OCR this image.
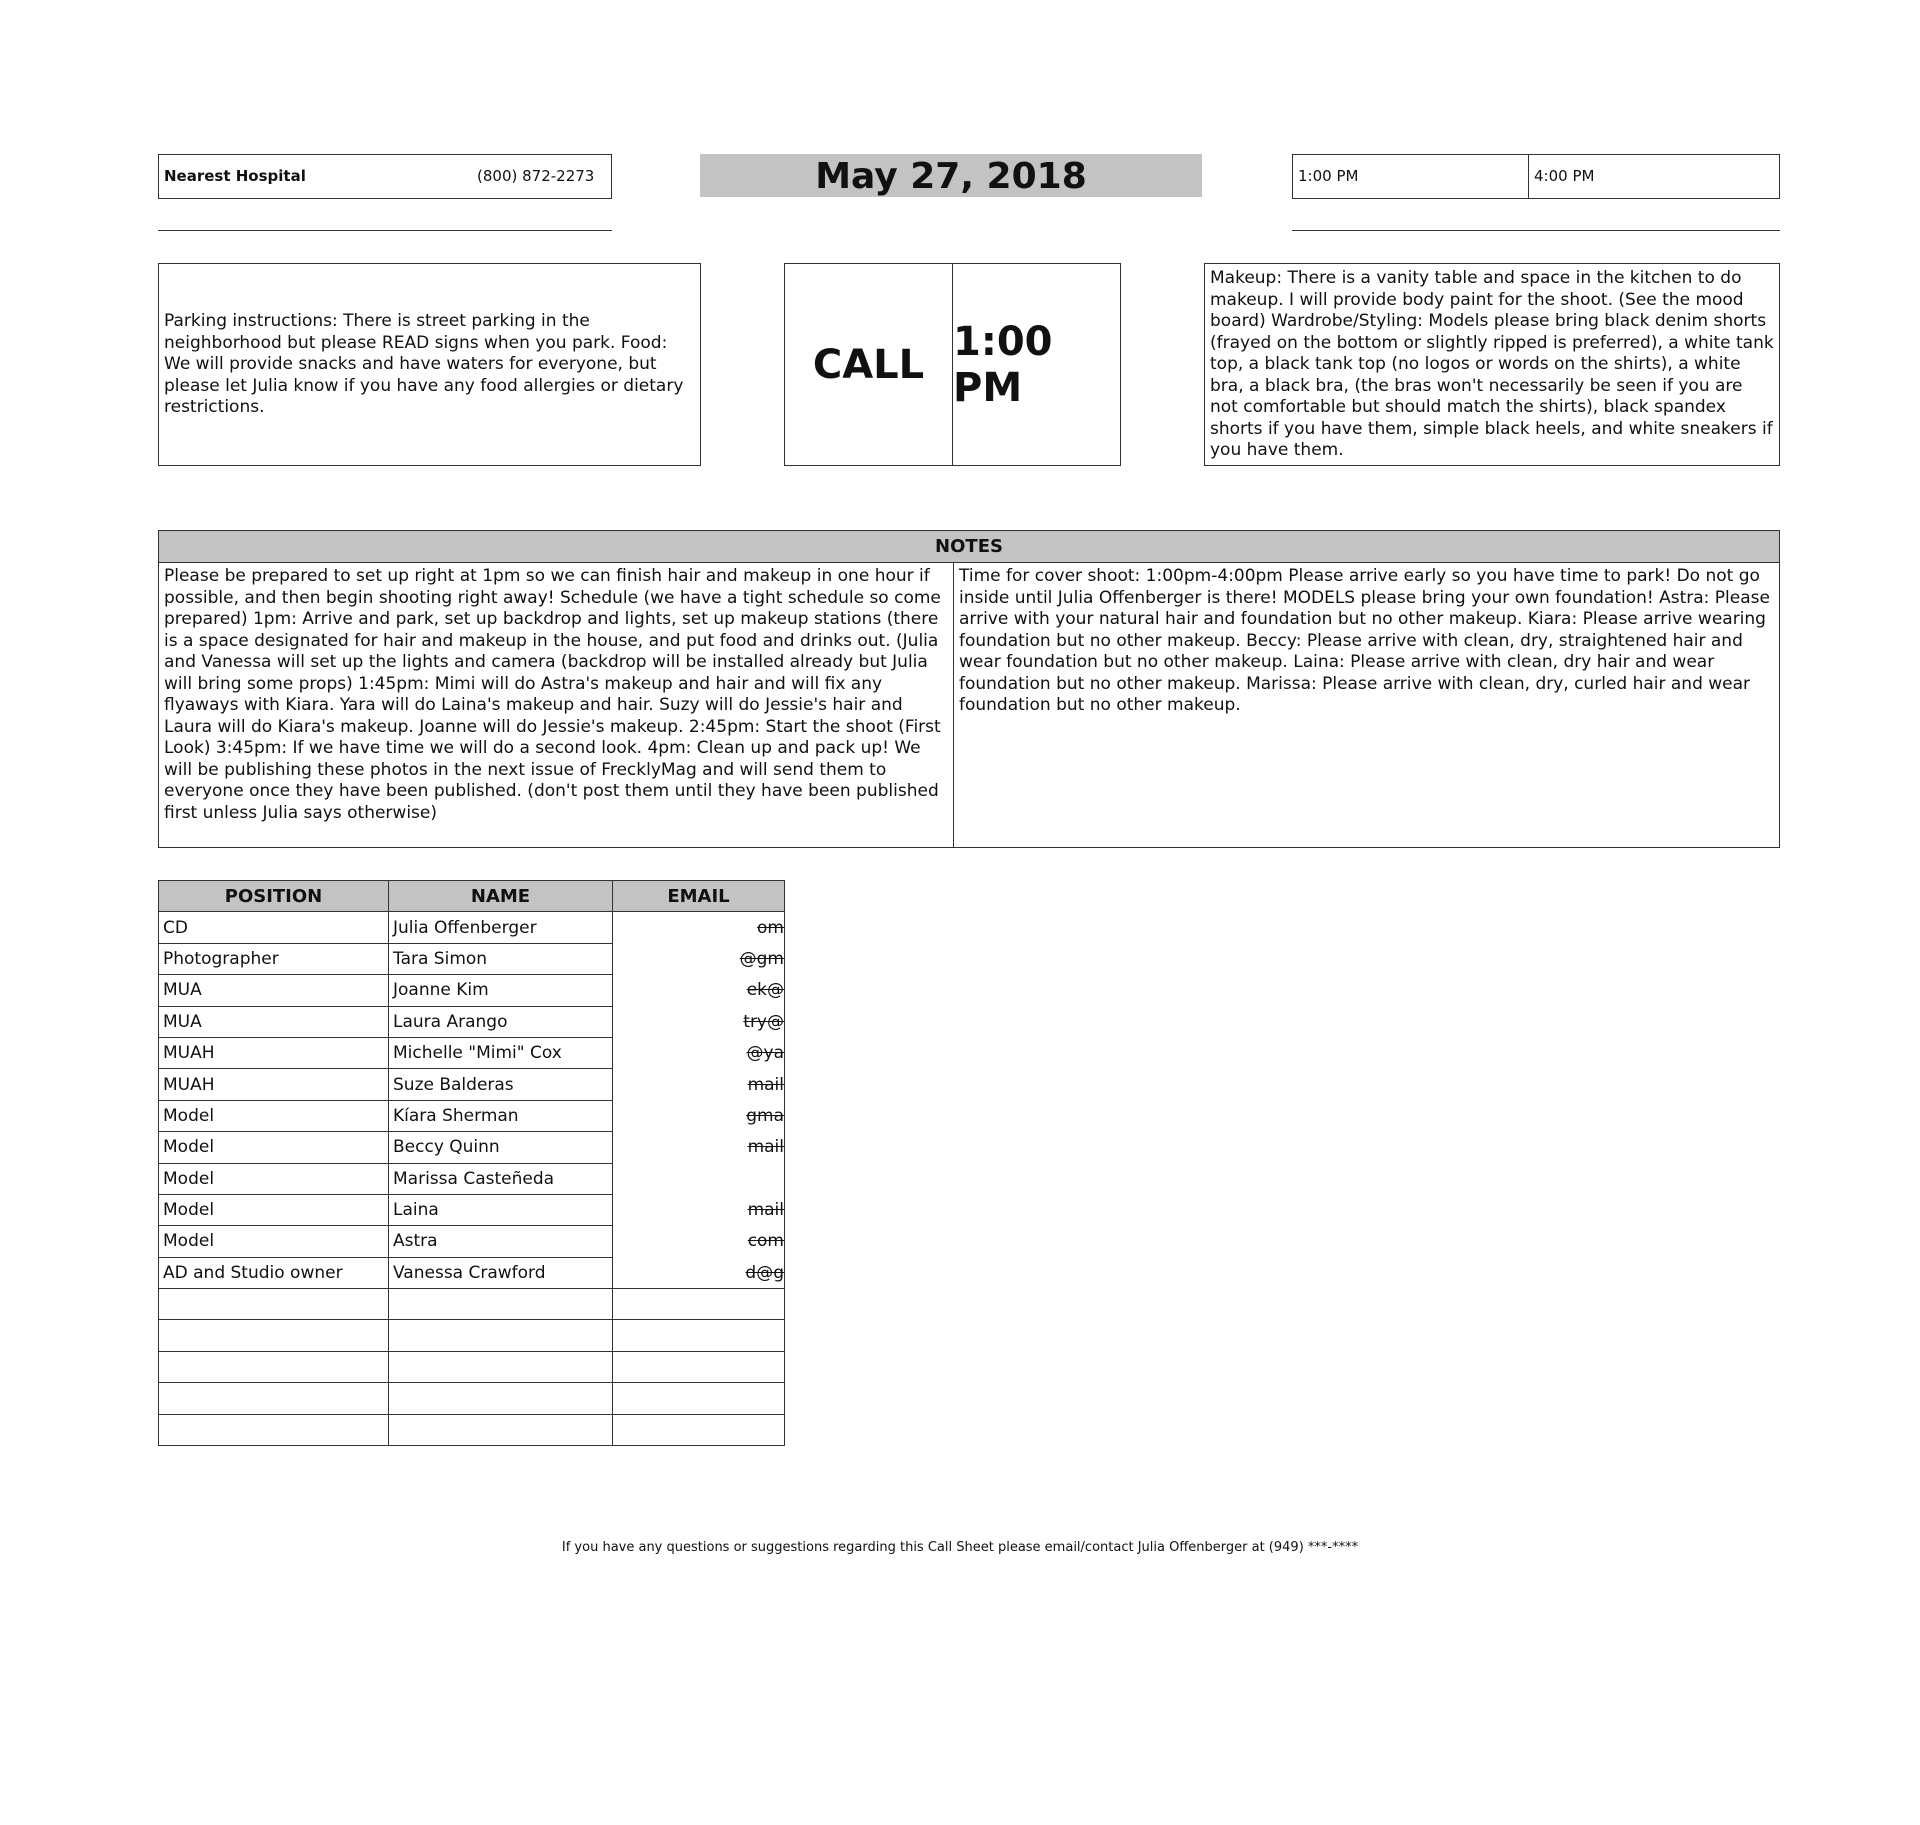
Nearest Hospital	(800) 872-2273	May 27, 2018	1:00 PM	4:00 PM
Parking instructions: There is street parking in the neighborhood but please READ signs when you park. Food: We will provide snacks and have waters for everyone, but please let Julia know if you have any food allergies or dietary restrictions.
CALL 1:00 PM
Makeup: There is a vanity table and space in the kitchen to do makeup. I will provide body paint for the shoot. (See the mood board) Wardrobe/Styling: Models please bring black denim shorts (frayed on the bottom or slightly ripped is preferred), a white tank top, a black tank top (no logos or words on the shirts), a white bra, a black bra, (the bras won't necessarily be seen if you are not comfortable but should match the shirts), black spandex shorts if you have them, simple black heels, and white sneakers if you have them.
NOTES
Please be prepared to set up right at 1pm so we can finish hair and makeup in one hour if possible, and then begin shooting right away! Schedule (we have a tight schedule so come prepared) 1pm: Arrive and park, set up backdrop and lights, set up makeup stations (there is a space designated for hair and makeup in the house, and put food and drinks out. (Julia and Vanessa will set up the lights and camera (backdrop will be installed already but Julia will bring some props) 1:45pm: Mimi will do Astra's makeup and hair and will fix any flyaways with Kiara. Yara will do Laina's makeup and hair. Suzy will do Jessie's hair and Laura will do Kiara's makeup. Joanne will do Jessie's makeup. 2:45pm: Start the shoot (First Look) 3:45pm: If we have time we will do a second look. 4pm: Clean up and pack up! We will be publishing these photos in the next issue of FrecklyMag and will send them to everyone once they have been published. (don't post them until they have been published first unless Julia says otherwise)
Time for cover shoot: 1:00pm-4:00pm Please arrive early so you have time to park! Do not go inside until Julia Offenberger is there! MODELS please bring your own foundation! Astra: Please arrive with your natural hair and foundation but no other makeup. Kiara: Please arrive wearing foundation but no other makeup. Beccy: Please arrive with clean, dry, straightened hair and wear foundation but no other makeup. Laina: Please arrive with clean, dry hair and wear foundation but no other makeup. Marissa: Please arrive with clean, dry, curled hair and wear foundation but no other makeup.
POSITION	NAME	EMAIL
CD	Julia Offenberger	om
Photographer	Tara Simon	@gm
MUA	Joanne Kim	ek@
MUA	Laura Arango	try@
MUAH	Michelle "Mimi" Cox	@ya
MUAH	Suze Balderas	mail
Model	Kíara Sherman	gma
Model	Beccy Quinn	mail
Model	Marissa Casteñeda	
Model	Laina	mail
Model	Astra	com
AD and Studio owner	Vanessa Crawford	d@g

If you have any questions or suggestions regarding this Call Sheet please email/contact Julia Offenberger at (949) ***-****
